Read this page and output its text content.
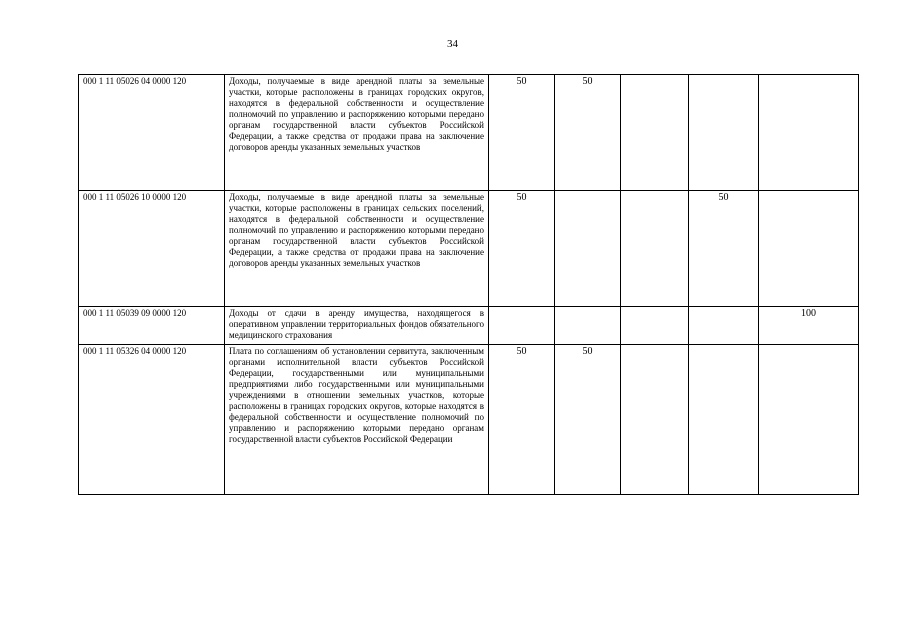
34
000 1 11 05026 04 0000 120	Доходы, получаемые в виде арендной платы за земельные участки, которые расположены в границах городских округов, находятся в федеральной собственности и осуществление полномочий по управлению и распоряжению которыми передано органам государственной власти субъектов Российской Федерации, а также средства от продажи права на заключение договоров аренды указанных земельных участков	50	50			
000 1 11 05026 10 0000 120	Доходы, получаемые в виде арендной платы за земельные участки, которые расположены в границах сельских поселений, находятся в федеральной собственности и осуществление полномочий по управлению и распоряжению которыми передано органам государственной власти субъектов Российской Федерации, а также средства от продажи права на заключение договоров аренды указанных земельных участков	50			50	
000 1 11 05039 09 0000 120	Доходы от сдачи в аренду имущества, находящегося в оперативном управлении территориальных фондов обязательного медицинского страхования					100
000 1 11 05326 04 0000 120	Плата по соглашениям об установлении сервитута, заключенным органами исполнительной власти субъектов Российской Федерации, государственными или муниципальными предприятиями либо государственными или муниципальными учреждениями в отношении земельных участков, которые расположены в границах городских округов, которые находятся в федеральной собственности и осуществление полномочий по управлению и распоряжению которыми передано органам государственной власти субъектов Российской Федерации	50	50			
